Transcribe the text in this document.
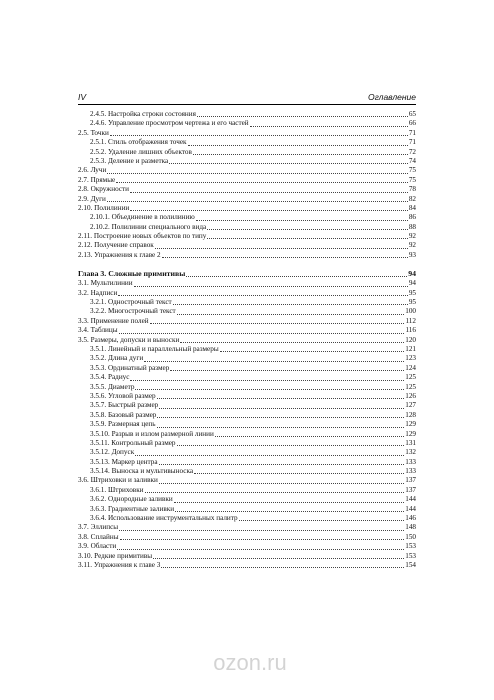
IV	Оглавление
2.4.5. Настройка строки состояния	65
2.4.6. Управление просмотром чертежа и его частей	66
2.5. Точки	71
2.5.1. Стиль отображения точек	71
2.5.2. Удаление лишних объектов	72
2.5.3. Деление и разметка	74
2.6. Лучи	75
2.7. Прямые	75
2.8. Окружности	78
2.9. Дуги	82
2.10. Полилинии	84
2.10.1. Объединение в полилинию	86
2.10.2. Полилинии специального вида	88
2.11. Построение новых объектов по типу	92
2.12. Получение справок	92
2.13. Упражнения к главе 2	93
Глава 3. Сложные примитивы	94
3.1. Мультилинии	94
3.2. Надписи	95
3.2.1. Однострочный текст	95
3.2.2. Многострочный текст	100
3.3. Применение полей	112
3.4. Таблицы	116
3.5. Размеры, допуски и выноски	120
3.5.1. Линейный и параллельный размеры	121
3.5.2. Длина дуги	123
3.5.3. Ординатный размер	124
3.5.4. Радиус	125
3.5.5. Диаметр	125
3.5.6. Угловой размер	126
3.5.7. Быстрый размер	127
3.5.8. Базовый размер	128
3.5.9. Размерная цепь	129
3.5.10. Разрыв и излом размерной линии	129
3.5.11. Контрольный размер	131
3.5.12. Допуск	132
3.5.13. Маркер центра	133
3.5.14. Выноска и мультивыноска	133
3.6. Штриховки и заливки	137
3.6.1. Штриховки	137
3.6.2. Однородные заливки	144
3.6.3. Градиентные заливки	144
3.6.4. Использование инструментальных палитр	146
3.7. Эллипсы	148
3.8. Сплайны	150
3.9. Области	153
3.10. Редкие примитивы	153
3.11. Упражнения к главе 3	154
ozon.ru
